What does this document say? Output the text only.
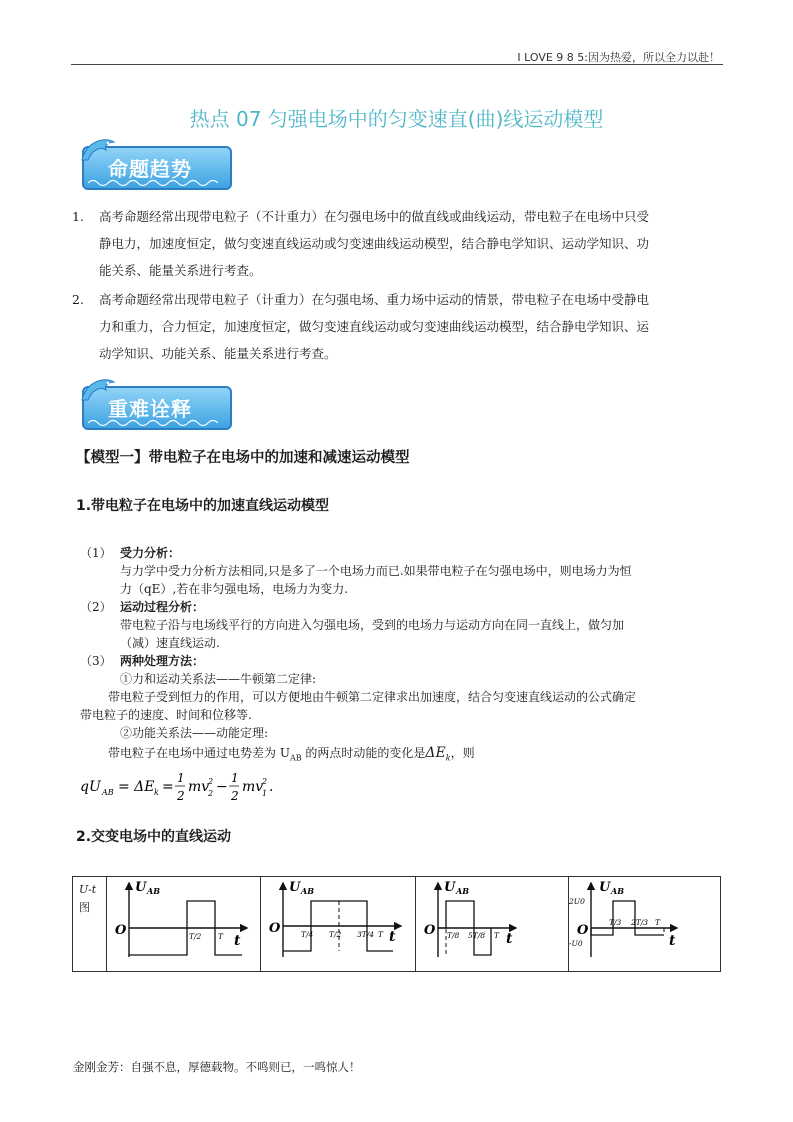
I LOVE 9 8 5:因为热爱，所以全力以赴！
热点 07 匀强电场中的匀变速直(曲)线运动模型
命题趋势
1. 高考命题经常出现带电粒子（不计重力）在匀强电场中的做直线或曲线运动，带电粒子在电场中只受
静电力，加速度恒定，做匀变速直线运动或匀变速曲线运动模型，结合静电学知识、运动学知识、功
能关系、能量关系进行考查。
2. 高考命题经常出现带电粒子（计重力）在匀强电场、重力场中运动的情景，带电粒子在电场中受静电
力和重力，合力恒定，加速度恒定，做匀变速直线运动或匀变速曲线运动模型，结合静电学知识、运
动学知识、功能关系、能量关系进行考查。
重难诠释
【模型一】带电粒子在电场中的加速和减速运动模型
1.带电粒子在电场中的加速直线运动模型
（1） 受力分析：
与力学中受力分析方法相同,只是多了一个电场力而已.如果带电粒子在匀强电场中，则电场力为恒
力（qE）,若在非匀强电场，电场力为变力.
（2） 运动过程分析：
带电粒子沿与电场线平行的方向进入匀强电场，受到的电场力与运动方向在同一直线上，做匀加
（减）速直线运动.
（3） 两种处理方法：
①力和运动关系法——牛顿第二定律:
带电粒子受到恒力的作用，可以方便地由牛顿第二定律求出加速度，结合匀变速直线运动的公式确定
带电粒子的速度、时间和位移等.
②功能关系法——动能定理:
带电粒子在电场中通过电势差为 $U_{AB}$ 的两点时动能的变化是$\Delta E_k$，则
qU AB = ΔE k =
1
2
mv
2
2 −
1
2
mv
1
2 .
2.交变电场中的直线运动
U-t
图

U AB
O
t
T/2 T

U AB
O
t
T/4 T/2 3T/4 T

U AB
O
t
T/8 5T/8 T

U AB
O
t
2U0
-U0
T/3 2T/3 T
金刚金芳：自强不息，厚德载物。不鸣则已，一鸣惊人！
